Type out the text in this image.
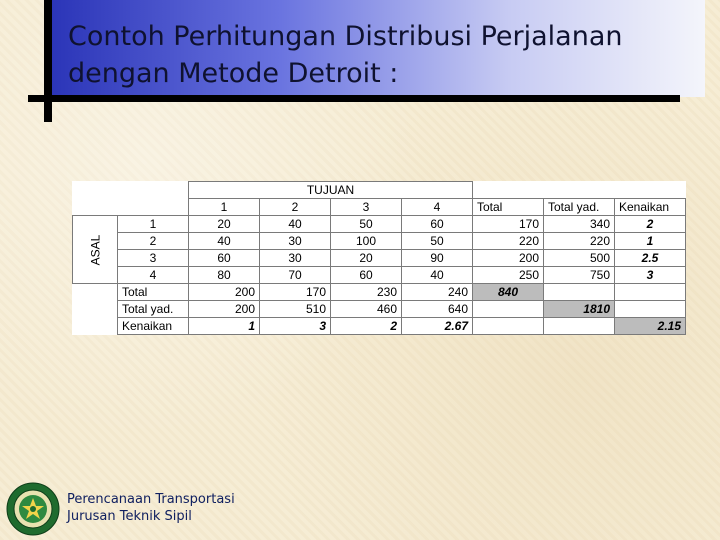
Contoh Perhitungan Distribusi Perjalanan
dengan Metode Detroit :
		TUJUAN						
		1	2	3	4	Total	Total yad.	Kenaikan
ASAL	1	20	40	50	60	170	340	2
	2	40	30	100	50	220	220	1
	3	60	30	20	90	200	500	2.5
	4	80	70	60	40	250	750	3
	Total	200	170	230	240	840		
	Total yad.	200	510	460	640		1810	
	Kenaikan	1	3	2	2.67			2.15
Perencanaan Transportasi
Jurusan Teknik Sipil
